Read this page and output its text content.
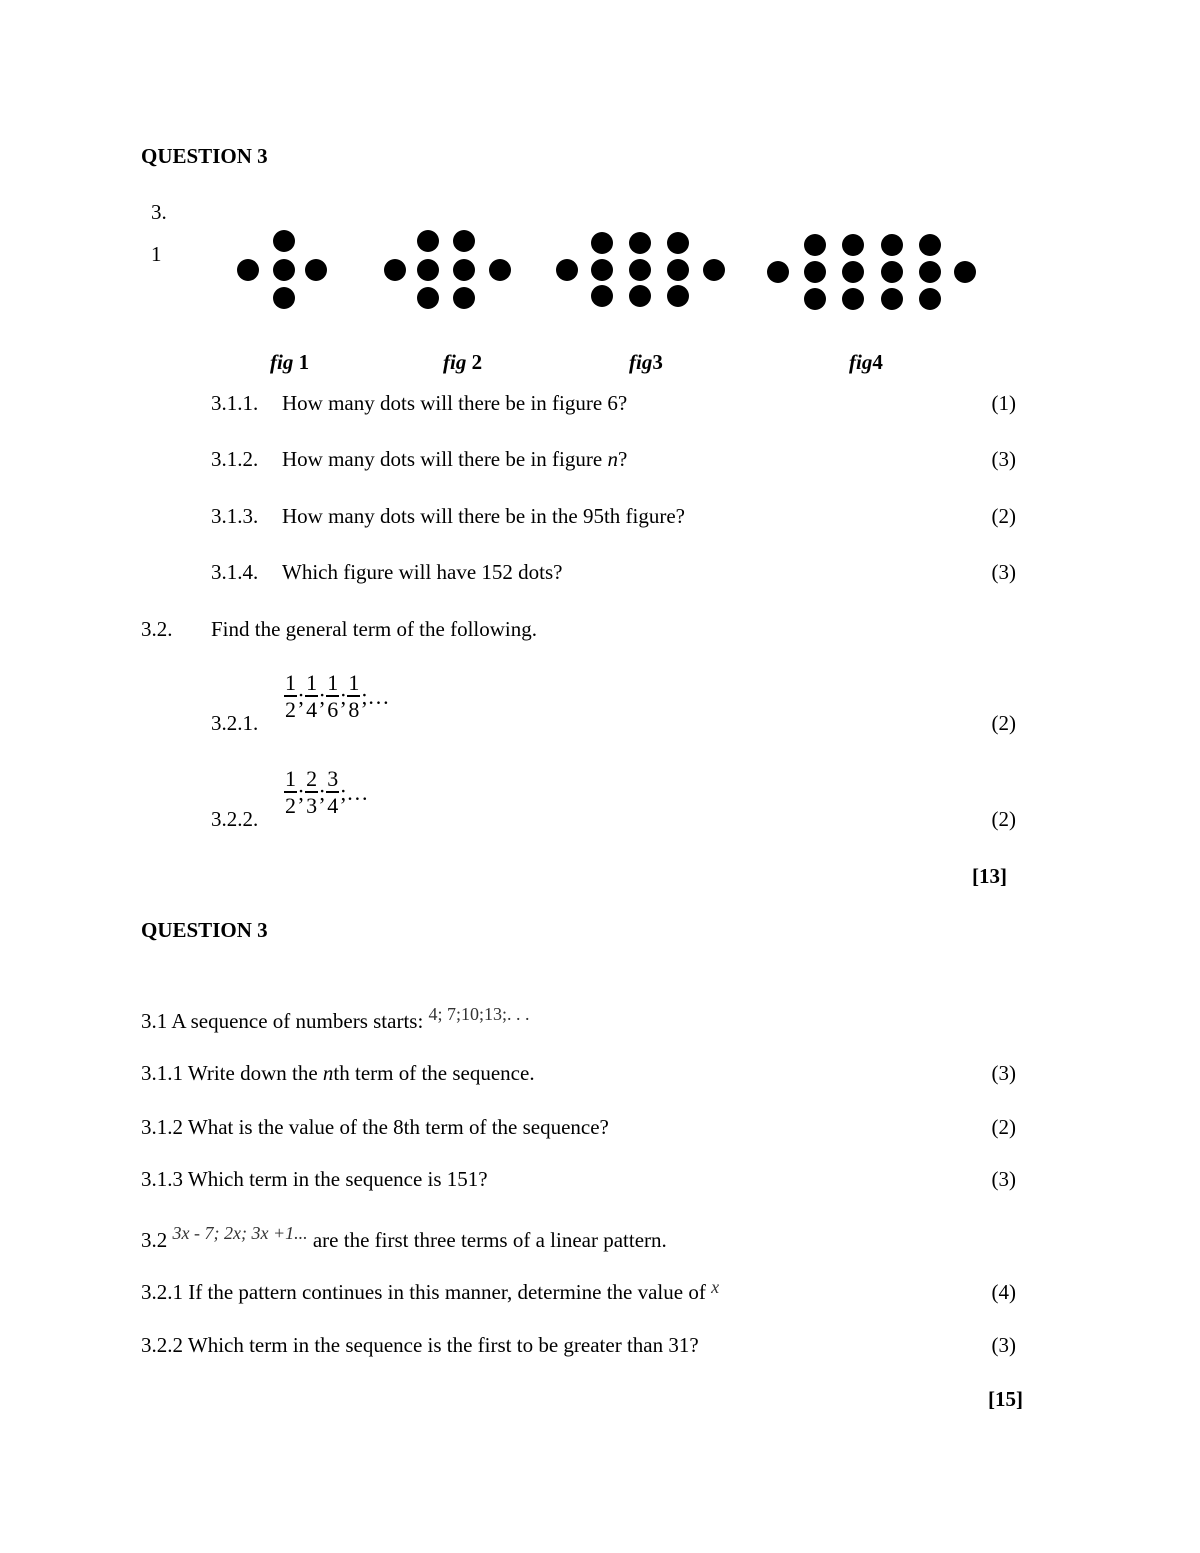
QUESTION 3
3.
1
fig 1	fig 2	fig3	fig4
3.1.1. How many dots will there be in figure 6?	(1)
3.1.2. How many dots will there be in figure n?	(3)
3.1.3. How many dots will there be in the 95th figure?	(2)
3.1.4. Which figure will have 152 dots?	(3)
3.2. Find the general term of the following.
3.2.1.
$\frac{1}{2}$ ; $\frac{1}{4}$ ; $\frac{1}{6}$ ; $\frac{1}{8}$ ;…
(2)
3.2.2.
$\frac{1}{2}$ ; $\frac{2}{3}$ ; $\frac{3}{4}$ ;…
(2)
[13]
QUESTION 3
3.1 A sequence of numbers starts: 4; 7;10;13;. . .
3.1.1 Write down the nth term of the sequence.	(3)
3.1.2 What is the value of the 8th term of the sequence?	(2)
3.1.3 Which term in the sequence is 151?	(3)
3.2 3x - 7; 2x; 3x +1... are the first three terms of a linear pattern.
3.2.1 If the pattern continues in this manner, determine the value of x	(4)
3.2.2 Which term in the sequence is the first to be greater than 31?	(3)
[15]
